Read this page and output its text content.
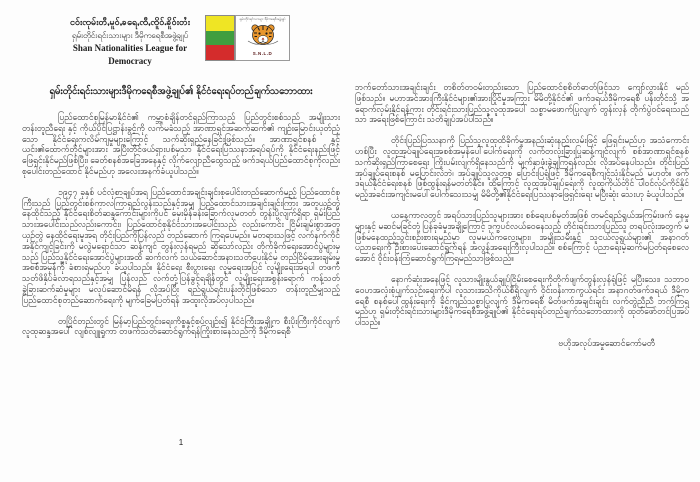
ငဝ်းၸုမ်းတီႇမူဝ်ႇၶရေႇၸီႇၸိူဝ်ႉၶိူဝ်းတႆး
ရှမ်းတိုင်းရင်းသားများ ဒီမိုကရေစီအဖွဲ့ချုပ်
Shan Nationalities League for Democracy
ရှမ်းတိုင်းရင်းသားများ ဒီမိုကရေစီအဖွဲ့ချုပ်
S.N.L.D
ရှမ်းတိုင်းရင်းသားများဒီမိုကရေစီအဖွဲ့ချုပ်၏ နိုင်ငံရေးရပ်တည်ချက်သဘောထား

ပြည်ထောင်စုမြန်မာနိုင်ငံ၏ ကမ္ဘာ့စံချိန်တင်ရှည်ကြာသည့် ပြည်တွင်းစစ်သည် အမျိုးသားတန်းတူညီရေး နှင့် ကိုယ်ပိုင်ပြဋ္ဌာန်းခွင့်ကို လက်မခံသည့် အာဏာရှင်အဆက်ဆက်၏ ကျဉ်းမြောင်းယုတ်ညံ့သော နိုင်ငံရေးကလိမ်ကျမှုများကြောင့် သက်ဆိုးရှည်နေခြင်းဖြစ်သည်။ အာဏာရှင်စနစ် နှင့် ယင်း၏ထောက်တိုင်များအား အပြီးတိုင်ဖယ်ရှားပစ်မှသာ နိုင်ငံရေးပြဿနာအရပ်ရပ်ကို နိုင်ငံရေးနည်းဖြင့် ဖြေရှင်းနိုင်မည်ဖြစ်ပြီး၊ ခေတ်စနစ်အခြေအနေနှင့် လိုက်လျောညီထွေသည့် ဖက်ဒရယ်ပြည်ထောင်စုကိုလည်း စုပေါင်းတည်ထောင် နိုင်မည်ဟု အလေးအနက်ခံယူပါသည်။

၁၉၄၇ ခုနှစ် ပင်လုံစာချုပ်အရ ပြည်ထောင်အချင်းချင်းစုပေါင်းတည်ဆောက်မည့် ပြည်ထောင်စုကြီးသည် ပြည်တွင်းစစ်ကာလကြာရှည်လွန်းသည်နှင့်အမျှ ပြည်ထောင်သားအချင်းချင်းကြား အတူယှဉ်တွဲနေထိုင်သည့် နိုင်ငံရေးစိတ်ဆန္ဒကောင်းများကိုပင် မှေးမှိန်ခန်းခြောက်လုမတတ် တွန်းပို့လျက်ရှိရာ ရှမ်းပြည်သားအပေါင်းသည်လည်းကောင်း၊ ပြည်ထောင်စုနိုင်ငံသားအပေါင်းသည် လည်းကောင်း ငြိမ်းချမ်းစွာအတူယှဉ်တွဲ နေထိုင်ရေးမူအရ တိုင်းပြည်ကိုပြန်လည် တည်ဆောက် ကြရပေမည်။ မတရားသဖြင့် လက်နက်ကိုင်အနိုင်ကျင့်ခြင်းကို မလွဲမရှောင်သာ ဆန့်ကျင် တွန်းလှန်ရမည် ဆိုသော်လည်း တိုက်ခိုက်ရေးအောင်ပွဲများမှသည် ပြည်သူ့နိုင်ငံရေးအောင်ပွဲများအထိ ဆက်လက် သယ်ဆောင်အနားသတ်ပေးနိုင်မှ တည်ငြိမ်အေးချမ်းမှု အစစ်အမှန်ကို ခံစားရမည်ဟု ခံယူပါသည်။ နိုင်ငံရေး စီးပွားရေး လူမှုရေးအပြင် လူမျိုးရေးအရပါ တဖက်သတ်ဖိနှိပ်ခံလာရသည်နှင့်အမျှ ပြန်လည် လက်တုံ့ပြန်ခွင့်ရချိန်တွင် လူမျိုးရေးအစွန်းရောက် ကန့်သတ်ခွဲခြားဆက်ဆံမှုများ မလုပ်ဆောင်မိရန် လိုအပ်ပြီး ရည်ရွယ်ရင်းပန်းတိုင်ဖြစ်သော တန်းတူညီမျှသည့်ပြည်ထောင်စုတည်ဆောက်ရေးကို မျက်ခြေမပြတ်ရန် အထူးလိုအပ်လှပါသည်။

တပြိုင်တည်းတွင် မြန်မာ့ပြည်တွင်းရေးကိစ္စနှင့်စပ်လျဉ်း၍ နိုင်ငံကြီးအချို့က စီးပိုးကြီးကိုင်လျက် လူထုဆန္ဒအပေါ် လျစ်လျူရှုကာ တဖက်သတ်ဆောင်ရွက်ရန်ကြိုးစားနေသည်ကို ဒီမိုကရေစီ

1

ဘက်တော်သားအချင်းချင်း တစိတ်တဝမ်းတည်းသော ပြည်ထောင်စုစိတ်ဓာတ်ဖြင့်သာ ကျော်လွှားနိုင် မည်ဖြစ်သည်။ မဟာအင်အားကြီးနိုင်ငံများ၏အားပြိုင်မှုအကြား မိမိတို့နိုင်ငံ၏ ဖက်ဒရယ်ဒီမိုကရေစီ ပန်းတိုင်သို့ အရောက်လှမ်းနိုင်ရန်ကား တိုင်းရင်းသားပြည်သူလူထုအပေါ် သစ္စာမဖောက်ပြုလျက် တွန်းလှန် တိုက်ပွဲဝင်ရေးသည်သာ အရေးဖြစ်ကြောင်း သတိချုပ်အပ်ပါသည်။

တိုင်းပြည်ပြဿနာကို ပြည်သူလူထုထိခိုက်မှုအနည်းဆုံးနည်းလမ်းဖြင့် ဖြေရှင်းမည်ဟု အသံကောင်း ဟစ်ပြီး လူထုအုပ်ချုပ်ရေးအစစ်အမှန်ပေါ်ပေါက်ရေးကို လက်တလုံးခြားပြုဆန့်ကျင်လျက် စစ်အာဏာရှင်စနစ် သက်ဆိုးရှည်ကြာစေရေး ကြိုးပမ်းလျက်ရှိနေသည်ကို မျက်နှာဖုံးခွဲချကြရန်လည်း လိုအပ်နေပါသည်။ တိုင်းပြည်အုပ်ချုပ်ရေးစနစ် မပြောင်းလဲဘဲ၊ အုပ်ချုပ်သူလူတစု ပြောင်းပြရုံဖြင့် ဒီမိုကရေစီကျင့်သုံးနိုင်မည် မဟုတ်။ ဖက်ဒရယ်နိုင်ငံရေးစနစ် ဖြစ်ထွန်းရန်မတတ်နိုင်။ ထို့ကြောင့် လူထုအုပ်ချုပ်ရေးကို လူထုကိုယ်တိုင် ပါဝင်လုပ်ကိုင်နိုင်မည့်အခင်းအကျင်းမပေါ်ပေါက်သေးသမျှ မိမိတို့၏နိုင်ငံရေးပြဿနာဖြေရှင်းရေး မပြီးဆုံး သေးဟု ခံယူပါသည်။

ယနေ့ကာလတွင် အရပ်သားပြည်သူများအား စစ်ရေးပစ်မှတ်အဖြစ် တမင်ရည်ရွယ်အကြမ်းဖက် နေမှုများနှင့် မဆင်မခြင်တုံ့ပြန်ခုခံမှုအချို့ကြောင့် ဒုက္ခပင်လယ်ဝေနေသည့် တိုင်းရင်းသားပြည်သူ တရပ်လုံးအတွက် မဖြစ်မနေထည့်သွင်းစဉ်းစားရမည်မှာ လူမမယ်ကလေးများ၊ အမျိုးသမီးနှင့် သူငယ်လူရွယ်များ၏ အနာဂတ်ပညာရေးကို ဦးစားပေးဆောင်ရွက်ရန် အလွန်အရေးကြီးလှပါသည်။ စစ်ကြောင့် ပညာရေးမဲ့ဆက်မပြတ်ရစေလေအောင် ဝိုင်းဝန်းကြံဆောင်ရွက်ကြရမည်သာဖြစ်သည်။

နောက်ဆုံးအနေဖြင့် လူသားမျိုးနွယ်ချုပ်ငြိမ်းစေရေးကိုတိုက်ဖျက်တွန်းလှန်ရုံဖြင့် မပြီးသေး၊ သဘာဝ ဝေဟအလုံးစုံပျက်သုဉ်းရေးကိုပါ လူသားအသိကိုယ်စီရှိလျက် ဝိုင်းဝန်းကာကွယ်ရင်း အနာဂတ်ဖက်ဒရယ် ဒီမိုကရေစီ စနစ်ပေါ်ထွန်းရေးကို ခိုင်ကျည်သစ္စာပြုလျက် ဒီမိုကရေစီ မိတ်ဖက်အချင်းချင်း လက်တွဲညီညီ ဘက်ကြရမည်ဟု ရှမ်းတိုင်းရင်းသားများဒီမိုကရေစီအဖွဲ့ချုပ်၏ နိုင်ငံရေးရပ်တည်ချက်သဘောထားကို ထုတ်ဖော်တင်ပြအပ်ပါသည်။

ဗဟိုအလုပ်အမှုဆောင်ကော်မတီ
